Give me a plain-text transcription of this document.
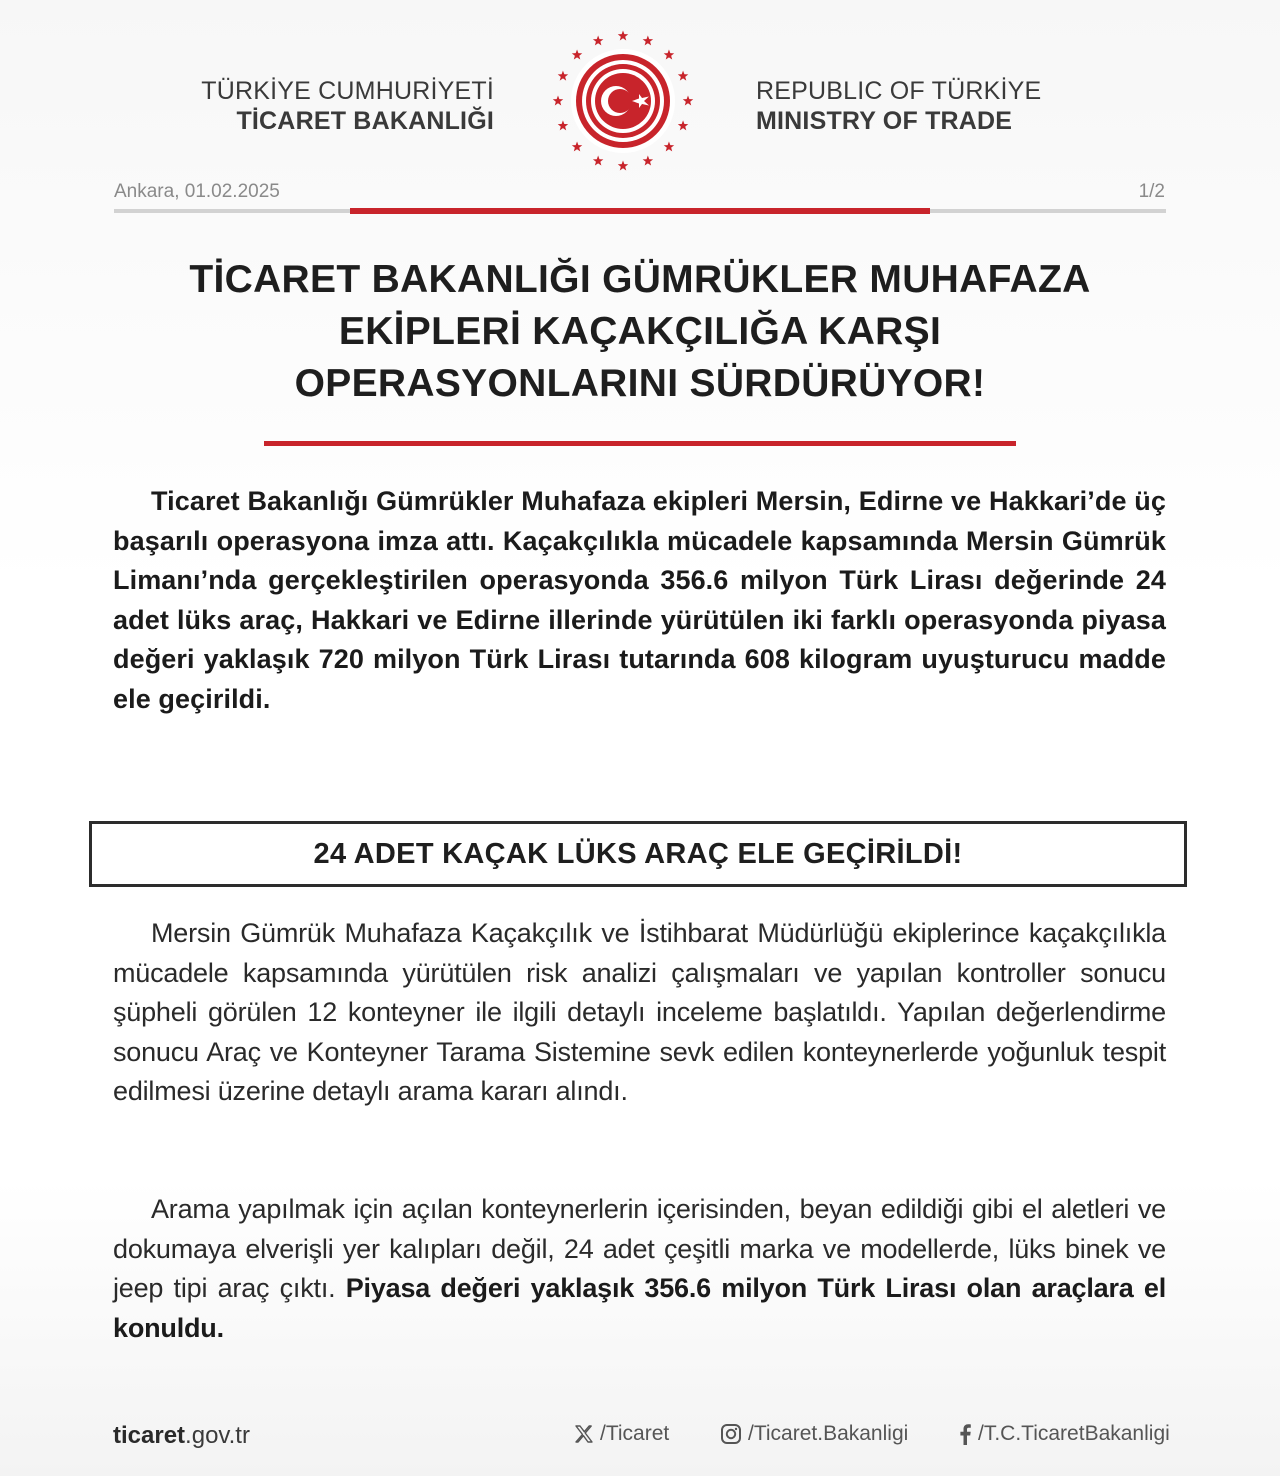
TÜRKİYE CUMHURİYETİ
TİCARET BAKANLIĞI
REPUBLIC OF TÜRKİYE
MINISTRY OF TRADE
Ankara, 01.02.2025	1/2
TİCARET BAKANLIĞI GÜMRÜKLER MUHAFAZA
EKİPLERİ KAÇAKÇILIĞA KARŞI
OPERASYONLARINI SÜRDÜRÜYOR!
Ticaret Bakanlığı Gümrükler Muhafaza ekipleri Mersin, Edirne ve Hakkari’de üç başarılı operasyona imza attı. Kaçakçılıkla mücadele kapsamında Mersin Gümrük Limanı’nda gerçekleştirilen operasyonda 356.6 milyon Türk Lirası değerinde 24 adet lüks araç, Hakkari ve Edirne illerinde yürütülen iki farklı operasyonda piyasa değeri yaklaşık 720 milyon Türk Lirası tutarında 608 kilogram uyuşturucu madde ele geçirildi.
24 ADET KAÇAK LÜKS ARAÇ ELE GEÇİRİLDİ!
Mersin Gümrük Muhafaza Kaçakçılık ve İstihbarat Müdürlüğü ekiplerince kaçakçılıkla mücadele kapsamında yürütülen risk analizi çalışmaları ve yapılan kontroller sonucu şüpheli görülen 12 konteyner ile ilgili detaylı inceleme başlatıldı. Yapılan değerlendirme sonucu Araç ve Konteyner Tarama Sistemine sevk edilen konteynerlerde yoğunluk tespit edilmesi üzerine detaylı arama kararı alındı.
Arama yapılmak için açılan konteynerlerin içerisinden, beyan edildiği gibi el aletleri ve dokumaya elverişli yer kalıpları değil, 24 adet çeşitli marka ve modellerde, lüks binek ve jeep tipi araç çıktı. Piyasa değeri yaklaşık 356.6 milyon Türk Lirası olan araçlara el konuldu.
ticaret.gov.tr	/Ticaret	/Ticaret.Bakanligi	/T.C.TicaretBakanligi
